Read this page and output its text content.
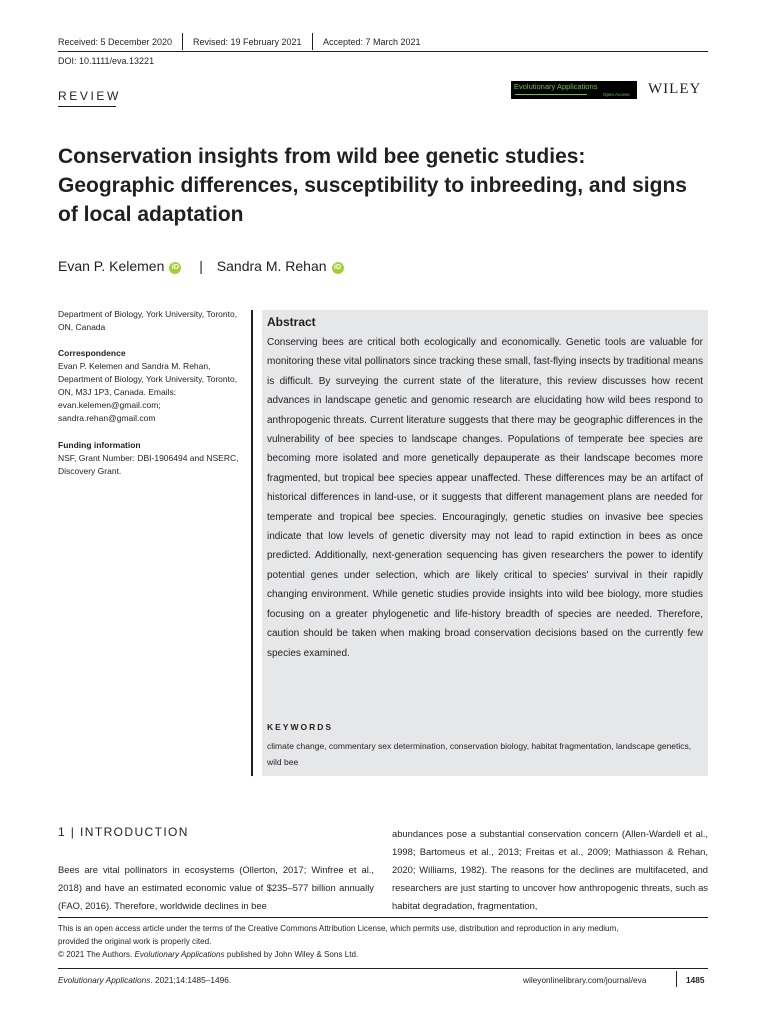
Received: 5 December 2020 Revised: 19 February 2021 Accepted: 7 March 2021
DOI: 10.1111/eva.13221
REVIEW
Evolutionary Applications
Open Access WILEY
Conservation insights from wild bee genetic studies:
Geographic differences, susceptibility to inbreeding, and signs
of local adaptation
Evan P. Kelemen iD | Sandra M. Rehan iD
Department of Biology, York University, Toronto, ON, Canada
Correspondence
Evan P. Kelemen and Sandra M. Rehan, Department of Biology, York University, Toronto, ON, M3J 1P3, Canada. Emails: evan.kelemen@gmail.com; sandra.rehan@gmail.com
Funding information
NSF, Grant Number: DBI-1906494 and NSERC, Discovery Grant.
Abstract
Conserving bees are critical both ecologically and economically. Genetic tools are valuable for monitoring these vital pollinators since tracking these small, fast-flying insects by traditional means is difficult. By surveying the current state of the literature, this review discusses how recent advances in landscape genetic and genomic research are elucidating how wild bees respond to anthropogenic threats. Current literature suggests that there may be geographic differences in the vulnerability of bee species to landscape changes. Populations of temperate bee species are becoming more isolated and more genetically depauperate as their landscape becomes more fragmented, but tropical bee species appear unaffected. These differences may be an artifact of historical differences in land-use, or it suggests that different management plans are needed for temperate and tropical bee species. Encouragingly, genetic studies on invasive bee species indicate that low levels of genetic diversity may not lead to rapid extinction in bees as once predicted. Additionally, next-generation sequencing has given researchers the power to identify potential genes under selection, which are likely critical to species' survival in their rapidly changing environment. While genetic studies provide insights into wild bee biology, more studies focusing on a greater phylogenetic and life-history breadth of species are needed. Therefore, caution should be taken when making broad conservation decisions based on the currently few species examined.
KEYWORDS
climate change, commentary sex determination, conservation biology, habitat fragmentation, landscape genetics, wild bee
1 | INTRODUCTION
Bees are vital pollinators in ecosystems (Ollerton, 2017; Winfree et al., 2018) and have an estimated economic value of $235–577 billion annually (FAO, 2016). Therefore, worldwide declines in bee
abundances pose a substantial conservation concern (Allen-Wardell et al., 1998; Bartomeus et al., 2013; Freitas et al., 2009; Mathiasson & Rehan, 2020; Williams, 1982). The reasons for the declines are multifaceted, and researchers are just starting to uncover how anthropogenic threats, such as habitat degradation, fragmentation,
This is an open access article under the terms of the Creative Commons Attribution License, which permits use, distribution and reproduction in any medium,
provided the original work is properly cited.
© 2021 The Authors. Evolutionary Applications published by John Wiley & Sons Ltd.
Evolutionary Applications. 2021;14:1485–1496.	wileyonlinelibrary.com/journal/eva	1485
